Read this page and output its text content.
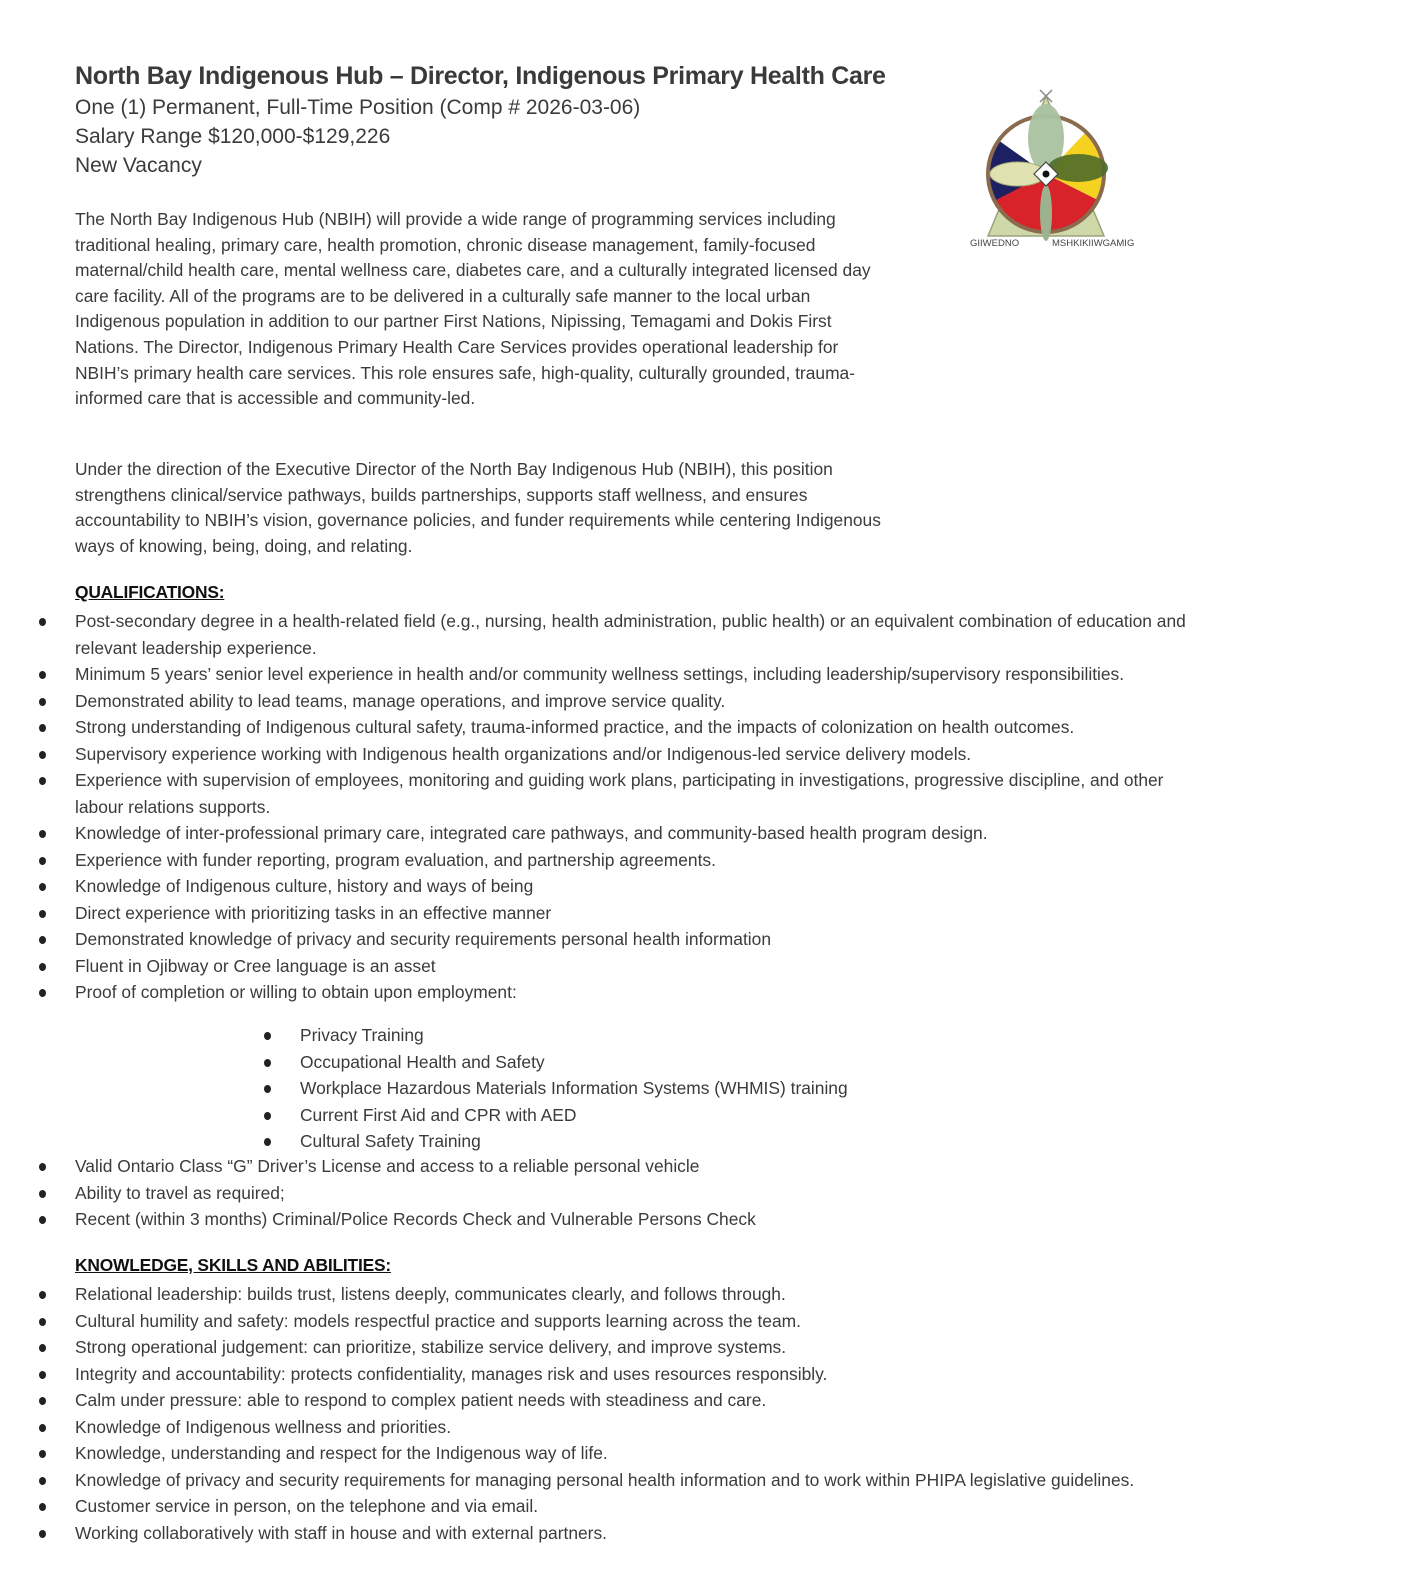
North Bay Indigenous Hub – Director, Indigenous Primary Health Care
One (1) Permanent, Full-Time Position (Comp # 2026-03-06)
Salary Range $120,000-$129,226
New Vacancy
GIIWEDNO	MSHKIKIIWGAMIG
The North Bay Indigenous Hub (NBIH) will provide a wide range of programming services including traditional healing, primary care, health promotion, chronic disease management, family-focused maternal/child health care, mental wellness care, diabetes care, and a culturally integrated licensed day care facility. All of the programs are to be delivered in a culturally safe manner to the local urban Indigenous population in addition to our partner First Nations, Nipissing, Temagami and Dokis First Nations. The Director, Indigenous Primary Health Care Services provides operational leadership for NBIH’s primary health care services. This role ensures safe, high-quality, culturally grounded, trauma-informed care that is accessible and community-led.
Under the direction of the Executive Director of the North Bay Indigenous Hub (NBIH), this position strengthens clinical/service pathways, builds partnerships, supports staff wellness, and ensures accountability to NBIH’s vision, governance policies, and funder requirements while centering Indigenous ways of knowing, being, doing, and relating.
QUALIFICATIONS:
Post-secondary degree in a health-related field (e.g., nursing, health administration, public health) or an equivalent combination of education and relevant leadership experience.
Minimum 5 years’ senior level experience in health and/or community wellness settings, including leadership/supervisory responsibilities.
Demonstrated ability to lead teams, manage operations, and improve service quality.
Strong understanding of Indigenous cultural safety, trauma-informed practice, and the impacts of colonization on health outcomes.
Supervisory experience working with Indigenous health organizations and/or Indigenous-led service delivery models.
Experience with supervision of employees, monitoring and guiding work plans, participating in investigations, progressive discipline, and other labour relations supports.
Knowledge of inter-professional primary care, integrated care pathways, and community-based health program design.
Experience with funder reporting, program evaluation, and partnership agreements.
Knowledge of Indigenous culture, history and ways of being
Direct experience with prioritizing tasks in an effective manner
Demonstrated knowledge of privacy and security requirements personal health information
Fluent in Ojibway or Cree language is an asset
Proof of completion or willing to obtain upon employment:
Privacy Training
Occupational Health and Safety
Workplace Hazardous Materials Information Systems (WHMIS) training
Current First Aid and CPR with AED
Cultural Safety Training
Valid Ontario Class “G” Driver’s License and access to a reliable personal vehicle
Ability to travel as required;
Recent (within 3 months) Criminal/Police Records Check and Vulnerable Persons Check
KNOWLEDGE, SKILLS AND ABILITIES:
Relational leadership: builds trust, listens deeply, communicates clearly, and follows through.
Cultural humility and safety: models respectful practice and supports learning across the team.
Strong operational judgement: can prioritize, stabilize service delivery, and improve systems.
Integrity and accountability: protects confidentiality, manages risk and uses resources responsibly.
Calm under pressure: able to respond to complex patient needs with steadiness and care.
Knowledge of Indigenous wellness and priorities.
Knowledge, understanding and respect for the Indigenous way of life.
Knowledge of privacy and security requirements for managing personal health information and to work within PHIPA legislative guidelines.
Customer service in person, on the telephone and via email.
Working collaboratively with staff in house and with external partners.
